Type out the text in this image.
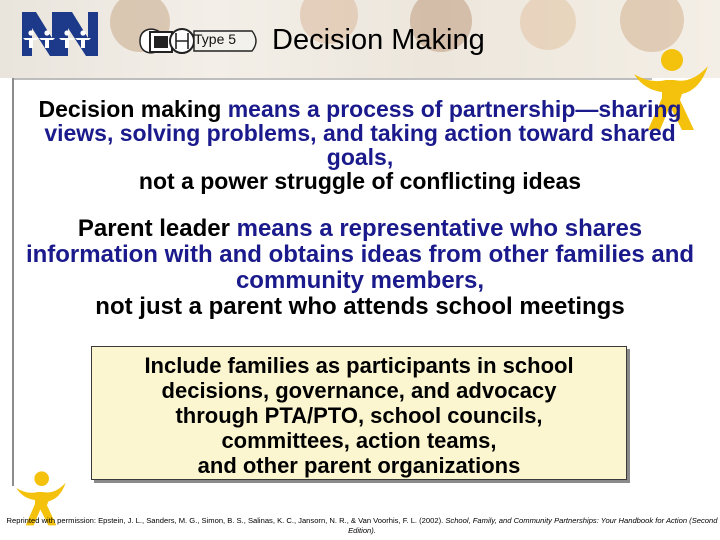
Type 5 Decision Making
Decision making means a process of partnership—sharing views, solving problems, and taking action toward shared goals,
not a power struggle of conflicting ideas
Parent leader means a representative who shares information with and obtains ideas from other families and community members,
not just a parent who attends school meetings
Include families as participants in school
decisions, governance, and advocacy
through PTA/PTO, school councils,
committees, action teams,
and other parent organizations
Reprinted with permission: Epstein, J. L., Sanders, M. G., Simon, B. S., Salinas, K. C., Jansorn, N. R., & Van Voorhis, F. L. (2002). School, Family, and Community Partnerships: Your Handbook for Action (Second Edition).
